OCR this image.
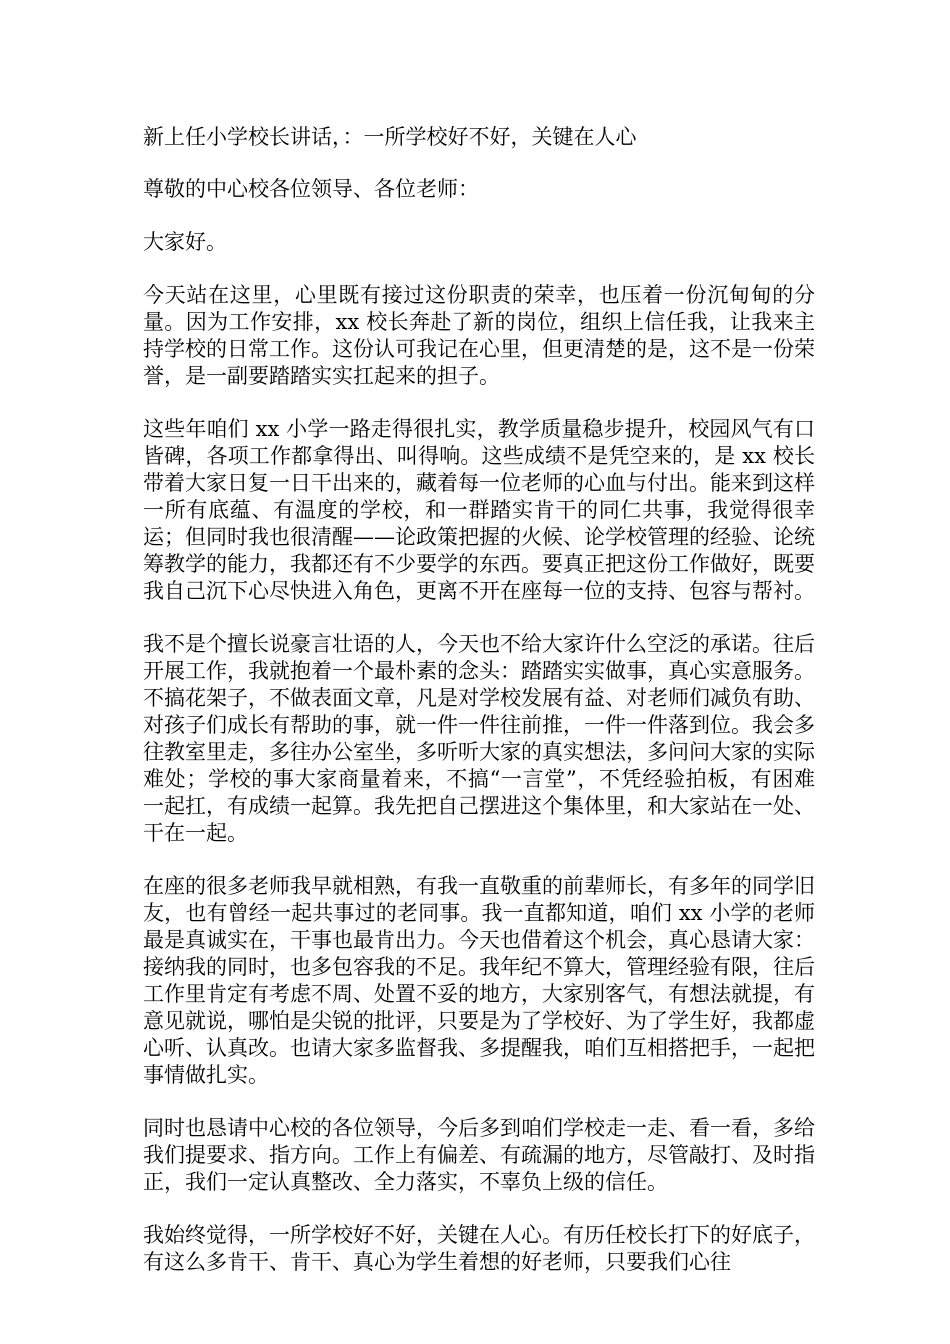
新上任小学校长讲话，：一所学校好不好，关键在人心

尊敬的中心校各位领导、各位老师：

大家好。

今天站在这里，心里既有接过这份职责的荣幸，也压着一份沉甸甸的分量。因为工作安排，xx 校长奔赴了新的岗位，组织上信任我，让我来主持学校的日常工作。这份认可我记在心里，但更清楚的是，这不是一份荣誉，是一副要踏踏实实扛起来的担子。

这些年咱们 xx 小学一路走得很扎实，教学质量稳步提升，校园风气有口皆碑，各项工作都拿得出、叫得响。这些成绩不是凭空来的，是 xx 校长带着大家日复一日干出来的，藏着每一位老师的心血与付出。能来到这样一所有底蕴、有温度的学校，和一群踏实肯干的同仁共事，我觉得很幸运；但同时我也很清醒——论政策把握的火候、论学校管理的经验、论统筹教学的能力，我都还有不少要学的东西。要真正把这份工作做好，既要我自己沉下心尽快进入角色，更离不开在座每一位的支持、包容与帮衬。

我不是个擅长说豪言壮语的人，今天也不给大家许什么空泛的承诺。往后开展工作，我就抱着一个最朴素的念头：踏踏实实做事，真心实意服务。不搞花架子，不做表面文章，凡是对学校发展有益、对老师们减负有助、对孩子们成长有帮助的事，就一件一件往前推，一件一件落到位。我会多往教室里走，多往办公室坐，多听听大家的真实想法，多问问大家的实际难处；学校的事大家商量着来，不搞“一言堂”，不凭经验拍板，有困难一起扛，有成绩一起算。我先把自己摆进这个集体里，和大家站在一处、干在一起。

在座的很多老师我早就相熟，有我一直敬重的前辈师长，有多年的同学旧友，也有曾经一起共事过的老同事。我一直都知道，咱们 xx 小学的老师最是真诚实在，干事也最肯出力。今天也借着这个机会，真心恳请大家：接纳我的同时，也多包容我的不足。我年纪不算大，管理经验有限，往后工作里肯定有考虑不周、处置不妥的地方，大家别客气，有想法就提，有意见就说，哪怕是尖锐的批评，只要是为了学校好、为了学生好，我都虚心听、认真改。也请大家多监督我、多提醒我，咱们互相搭把手，一起把事情做扎实。

同时也恳请中心校的各位领导，今后多到咱们学校走一走、看一看，多给我们提要求、指方向。工作上有偏差、有疏漏的地方，尽管敲打、及时指正，我们一定认真整改、全力落实，不辜负上级的信任。

我始终觉得，一所学校好不好，关键在人心。有历任校长打下的好底子，有这么多肯干、肯干、真心为学生着想的好老师，只要我们心往
